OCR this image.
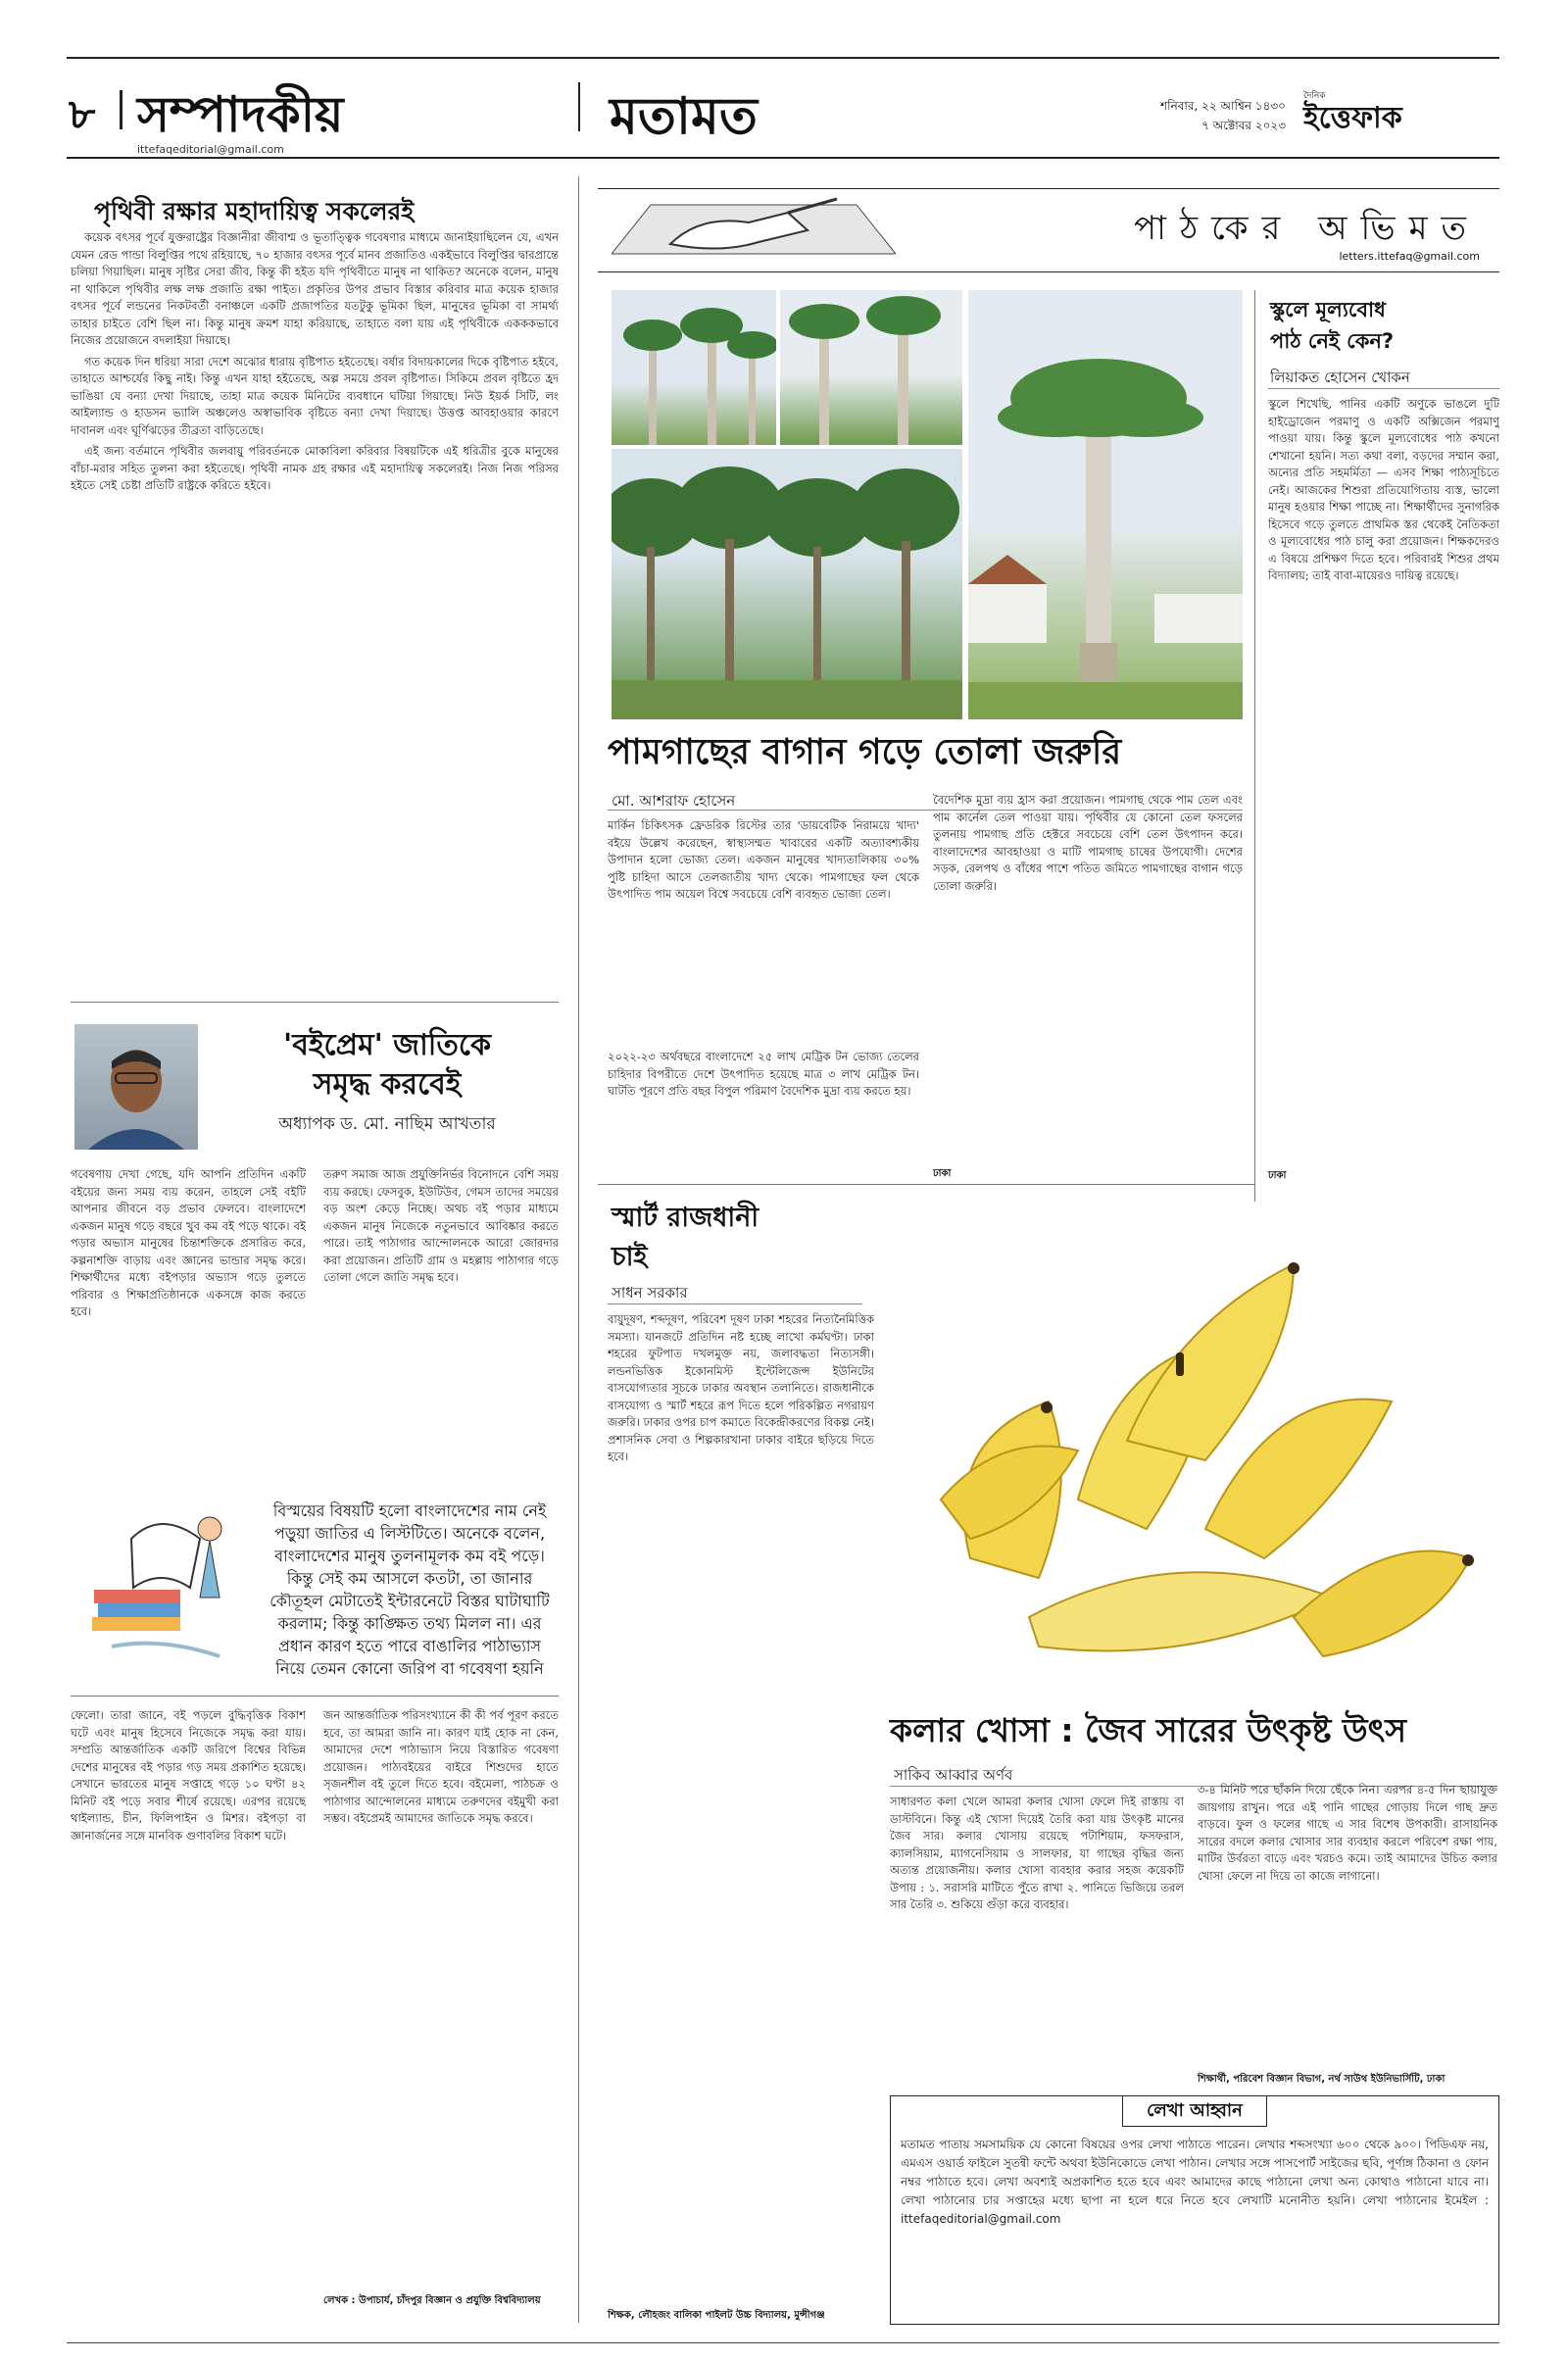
৮ সম্পাদকীয়
ittefaqeditorial@gmail.com
মতামত	শনিবার, ২২ আশ্বিন ১৪৩০
৭ অক্টোবর ২০২৩
দৈনিক
ইত্তেফাক
পৃথিবী রক্ষার মহাদায়িত্ব সকলেরই

কয়েক বৎসর পূর্বে যুক্তরাষ্ট্রের বিজ্ঞানীরা জীবাশ্ম ও ভূতাত্ত্বিক গবেষণার মাধ্যমে জানাইয়াছিলেন যে, এখন যেমন রেড পান্ডা বিলুপ্তির পথে রহিয়াছে, ৭০ হাজার বৎসর পূর্বে মানব প্রজাতিও একইভাবে বিলুপ্তির দ্বারপ্রান্তে চলিয়া গিয়াছিল। মানুষ সৃষ্টির সেরা জীব, কিন্তু কী হইত যদি পৃথিবীতে মানুষ না থাকিত? অনেকে বলেন, মানুষ না থাকিলে পৃথিবীর লক্ষ লক্ষ প্রজাতি রক্ষা পাইত। প্রকৃতির উপর প্রভাব বিস্তার করিবার মাত্র কয়েক হাজার বৎসর পূর্বে লন্ডনের নিকটবর্তী বনাঞ্চলে একটি প্রজাপতির যতটুকু ভূমিকা ছিল, মানুষের ভূমিকা বা সামর্থ্য তাহার চাইতে বেশি ছিল না। কিন্তু মানুষ ক্রমশ যাহা করিয়াছে, তাহাতে বলা যায় এই পৃথিবীকে একককভাবে নিজের প্রয়োজনে বদলাইয়া দিয়াছে।

গত কয়েক দিন ধরিয়া সারা দেশে অঝোর ধারায় বৃষ্টিপাত হইতেছে। বর্ষার বিদায়কালের দিকে বৃষ্টিপাত হইবে, তাহাতে আশ্চর্যের কিছু নাই। কিন্তু এখন যাহা হইতেছে, অল্প সময়ে প্রবল বৃষ্টিপাত। সিকিমে প্রবল বৃষ্টিতে হ্রদ ভাঙিয়া যে বন্যা দেখা দিয়াছে, তাহা মাত্র কয়েক মিনিটের ব্যবধানে ঘটিয়া গিয়াছে। নিউ ইয়র্ক সিটি, লং আইল্যান্ড ও হাডসন ভ্যালি অঞ্চলেও অস্বাভাবিক বৃষ্টিতে বন্যা দেখা দিয়াছে। উত্তপ্ত আবহাওয়ার কারণে দাবানল এবং ঘূর্ণিঝড়ের তীব্রতা বাড়িতেছে।

এই জন্য বর্তমানে পৃথিবীর জলবায়ু পরিবর্তনকে মোকাবিলা করিবার বিষয়টিকে এই ধরিত্রীর বুকে মানুষের বাঁচা-মরার সহিত তুলনা করা হইতেছে। পৃথিবী নামক গ্রহ রক্ষার এই মহাদায়িত্ব সকলেরই। নিজ নিজ পরিসর হইতে সেই চেষ্টা প্রতিটি রাষ্ট্রকে করিতে হইবে।

'বইপ্রেম' জাতিকে
সমৃদ্ধ করবেই
অধ্যাপক ড. মো. নাছিম আখতার
গবেষণায় দেখা গেছে, যদি আপনি প্রতিদিন একটি বইয়ের জন্য সময় ব্যয় করেন, তাহলে সেই বইটি আপনার জীবনে বড় প্রভাব ফেলবে। বাংলাদেশে একজন মানুষ গড়ে বছরে খুব কম বই পড়ে থাকে। বই পড়ার অভ্যাস মানুষের চিন্তাশক্তিকে প্রসারিত করে, কল্পনাশক্তি বাড়ায় এবং জ্ঞানের ভান্ডার সমৃদ্ধ করে। শিক্ষার্থীদের মধ্যে বইপড়ার অভ্যাস গড়ে তুলতে পরিবার ও শিক্ষাপ্রতিষ্ঠানকে একসঙ্গে কাজ করতে হবে।
তরুণ সমাজ আজ প্রযুক্তিনির্ভর বিনোদনে বেশি সময় ব্যয় করছে। ফেসবুক, ইউটিউব, গেমস তাদের সময়ের বড় অংশ কেড়ে নিচ্ছে। অথচ বই পড়ার মাধ্যমে একজন মানুষ নিজেকে নতুনভাবে আবিষ্কার করতে পারে। তাই পাঠাগার আন্দোলনকে আরো জোরদার করা প্রয়োজন। প্রতিটি গ্রাম ও মহল্লায় পাঠাগার গড়ে তোলা গেলে জাতি সমৃদ্ধ হবে।
বিস্ময়ের বিষয়টি হলো বাংলাদেশের নাম নেই পড়ুয়া জাতির এ লিস্টটিতে। অনেকে বলেন, বাংলাদেশের মানুষ তুলনামূলক কম বই পড়ে। কিন্তু সেই কম আসলে কতটা, তা জানার কৌতূহল মেটাতেই ইন্টারনেটে বিস্তর ঘাটাঘাটি করলাম; কিন্তু কাঙ্ক্ষিত তথ্য মিলল না। এর প্রধান কারণ হতে পারে বাঙালির পাঠাভ্যাস নিয়ে তেমন কোনো জরিপ বা গবেষণা হয়নি
ফেলো। তারা জানে, বই পড়লে বুদ্ধিবৃত্তিক বিকাশ ঘটে এবং মানুষ হিসেবে নিজেকে সমৃদ্ধ করা যায়। সম্প্রতি আন্তর্জাতিক একটি জরিপে বিশ্বের বিভিন্ন দেশের মানুষের বই পড়ার গড় সময় প্রকাশিত হয়েছে। সেখানে ভারতের মানুষ সপ্তাহে গড়ে ১০ ঘণ্টা ৪২ মিনিট বই পড়ে সবার শীর্ষে রয়েছে। এরপর রয়েছে থাইল্যান্ড, চীন, ফিলিপাইন ও মিশর। বইপড়া বা জ্ঞানার্জনের সঙ্গে মানবিক গুণাবলির বিকাশ ঘটে।
জন আন্তর্জাতিক পরিসংখ্যানে কী কী পর্ব পূরণ করতে হবে, তা আমরা জানি না। কারণ যাই হোক না কেন, আমাদের দেশে পাঠাভ্যাস নিয়ে বিস্তারিত গবেষণা প্রয়োজন। পাঠ্যবইয়ের বাইরে শিশুদের হাতে সৃজনশীল বই তুলে দিতে হবে। বইমেলা, পাঠচক্র ও পাঠাগার আন্দোলনের মাধ্যমে তরুণদের বইমুখী করা সম্ভব। বইপ্রেমই আমাদের জাতিকে সমৃদ্ধ করবে।
লেখক : উপাচার্য, চাঁদপুর বিজ্ঞান ও প্রযুক্তি বিশ্ববিদ্যালয়
পাঠকের অভিমত
letters.ittefaq@gmail.com
পামগাছের বাগান গড়ে তোলা জরুরি
মো. আশরাফ হোসেন
মার্কিন চিকিৎসক ফ্রেডরিক রিস্টের তার 'ডায়বেটিক নিরাময়ে খাদ্য' বইয়ে উল্লেখ করেছেন, স্বাস্থ্যসম্মত খাবারের একটি অত্যাবশ্যকীয় উপাদান হলো ভোজ্য তেল। একজন মানুষের খাদ্যতালিকায় ৩০% পুষ্টি চাহিদা আসে তেলজাতীয় খাদ্য থেকে। পামগাছের ফল থেকে উৎপাদিত পাম অয়েল বিশ্বে সবচেয়ে বেশি ব্যবহৃত ভোজ্য তেল।
২০২২-২৩ অর্থবছরে বাংলাদেশে ২৫ লাখ মেট্রিক টন ভোজ্য তেলের চাহিদার বিপরীতে দেশে উৎপাদিত হয়েছে মাত্র ৩ লাখ মেট্রিক টন। ঘাটতি পূরণে প্রতি বছর বিপুল পরিমাণ বৈদেশিক মুদ্রা ব্যয় করতে হয়।
বৈদেশিক মুদ্রা ব্যয় হ্রাস করা প্রয়োজন। পামগাছ থেকে পাম তেল এবং পাম কার্নেল তেল পাওয়া যায়। পৃথিবীর যে কোনো তেল ফসলের তুলনায় পামগাছ প্রতি হেক্টরে সবচেয়ে বেশি তেল উৎপাদন করে। বাংলাদেশের আবহাওয়া ও মাটি পামগাছ চাষের উপযোগী। দেশের সড়ক, রেলপথ ও বাঁধের পাশে পতিত জমিতে পামগাছের বাগান গড়ে তোলা জরুরি।
ঢাকা
স্মার্ট রাজধানী
চাই
সাধন সরকার
বায়ুদূষণ, শব্দদূষণ, পরিবেশ দূষণ ঢাকা শহরের নিত্যনৈমিত্তিক সমস্যা। যানজটে প্রতিদিন নষ্ট হচ্ছে লাখো কর্মঘণ্টা। ঢাকা শহরের ফুটপাত দখলমুক্ত নয়, জলাবদ্ধতা নিত্যসঙ্গী। লন্ডনভিত্তিক ইকোনমিস্ট ইন্টেলিজেন্স ইউনিটের বাসযোগ্যতার সূচকে ঢাকার অবস্থান তলানিতে। রাজধানীকে বাসযোগ্য ও স্মার্ট শহরে রূপ দিতে হলে পরিকল্পিত নগরায়ণ জরুরি। ঢাকার ওপর চাপ কমাতে বিকেন্দ্রীকরণের বিকল্প নেই। প্রশাসনিক সেবা ও শিল্পকারখানা ঢাকার বাইরে ছড়িয়ে দিতে হবে।
কলার খোসা : জৈব সারের উৎকৃষ্ট উৎস
সাকিব আব্বার অর্ণব
সাধারণত কলা খেলে আমরা কলার খোসা ফেলে দিই রাস্তায় বা ডাস্টবিনে। কিন্তু এই খোসা দিয়েই তৈরি করা যায় উৎকৃষ্ট মানের জৈব সার। কলার খোসায় রয়েছে পটাশিয়াম, ফসফরাস, ক্যালসিয়াম, ম্যাগনেসিয়াম ও সালফার, যা গাছের বৃদ্ধির জন্য অত্যন্ত প্রয়োজনীয়। কলার খোসা ব্যবহার করার সহজ কয়েকটি উপায় : ১. সরাসরি মাটিতে পুঁতে রাখা ২. পানিতে ভিজিয়ে তরল সার তৈরি ৩. শুকিয়ে গুঁড়া করে ব্যবহার।
৩-৪ মিনিট পরে ছাঁকনি দিয়ে ছেঁকে নিন। এরপর ৪-৫ দিন ছায়াযুক্ত জায়গায় রাখুন। পরে এই পানি গাছের গোড়ায় দিলে গাছ দ্রুত বাড়বে। ফুল ও ফলের গাছে এ সার বিশেষ উপকারী। রাসায়নিক সারের বদলে কলার খোসার সার ব্যবহার করলে পরিবেশ রক্ষা পায়, মাটির উর্বরতা বাড়ে এবং খরচও কমে। তাই আমাদের উচিত কলার খোসা ফেলে না দিয়ে তা কাজে লাগানো।
শিক্ষার্থী, পরিবেশ বিজ্ঞান বিভাগ, নর্থ সাউথ ইউনিভার্সিটি, ঢাকা
শিক্ষক, লৌহজং বালিকা পাইলট উচ্চ বিদ্যালয়, মুন্সীগঞ্জ
স্কুলে মূল্যবোধ
পাঠ নেই কেন?
লিয়াকত হোসেন খোকন
স্কুলে শিখেছি, পানির একটি অণুকে ভাঙলে দুটি হাইড্রোজেন পরমাণু ও একটি অক্সিজেন পরমাণু পাওয়া যায়। কিন্তু স্কুলে মূল্যবোধের পাঠ কখনো শেখানো হয়নি। সত্য কথা বলা, বড়দের সম্মান করা, অন্যের প্রতি সহমর্মিতা — এসব শিক্ষা পাঠ্যসূচিতে নেই। আজকের শিশুরা প্রতিযোগিতায় ব্যস্ত, ভালো মানুষ হওয়ার শিক্ষা পাচ্ছে না। শিক্ষার্থীদের সুনাগরিক হিসেবে গড়ে তুলতে প্রাথমিক স্তর থেকেই নৈতিকতা ও মূল্যবোধের পাঠ চালু করা প্রয়োজন। শিক্ষকদেরও এ বিষয়ে প্রশিক্ষণ দিতে হবে। পরিবারই শিশুর প্রথম বিদ্যালয়; তাই বাবা-মায়েরও দায়িত্ব রয়েছে।
ঢাকা
লেখা আহ্বান
মতামত পাতায় সমসাময়িক যে কোনো বিষয়ের ওপর লেখা পাঠাতে পারেন। লেখার শব্দসংখ্যা ৬০০ থেকে ৯০০। পিডিএফ নয়, এমএস ওয়ার্ড ফাইলে সুতন্বী ফন্টে অথবা ইউনিকোডে লেখা পাঠান। লেখার সঙ্গে পাসপোর্ট সাইজের ছবি, পূর্ণাঙ্গ ঠিকানা ও ফোন নম্বর পাঠাতে হবে। লেখা অবশ্যই অপ্রকাশিত হতে হবে এবং আমাদের কাছে পাঠানো লেখা অন্য কোথাও পাঠানো যাবে না। লেখা পাঠানোর চার সপ্তাহের মধ্যে ছাপা না হলে ধরে নিতে হবে লেখাটি মনোনীত হয়নি। লেখা পাঠানোর ইমেইল : ittefaqeditorial@gmail.com
